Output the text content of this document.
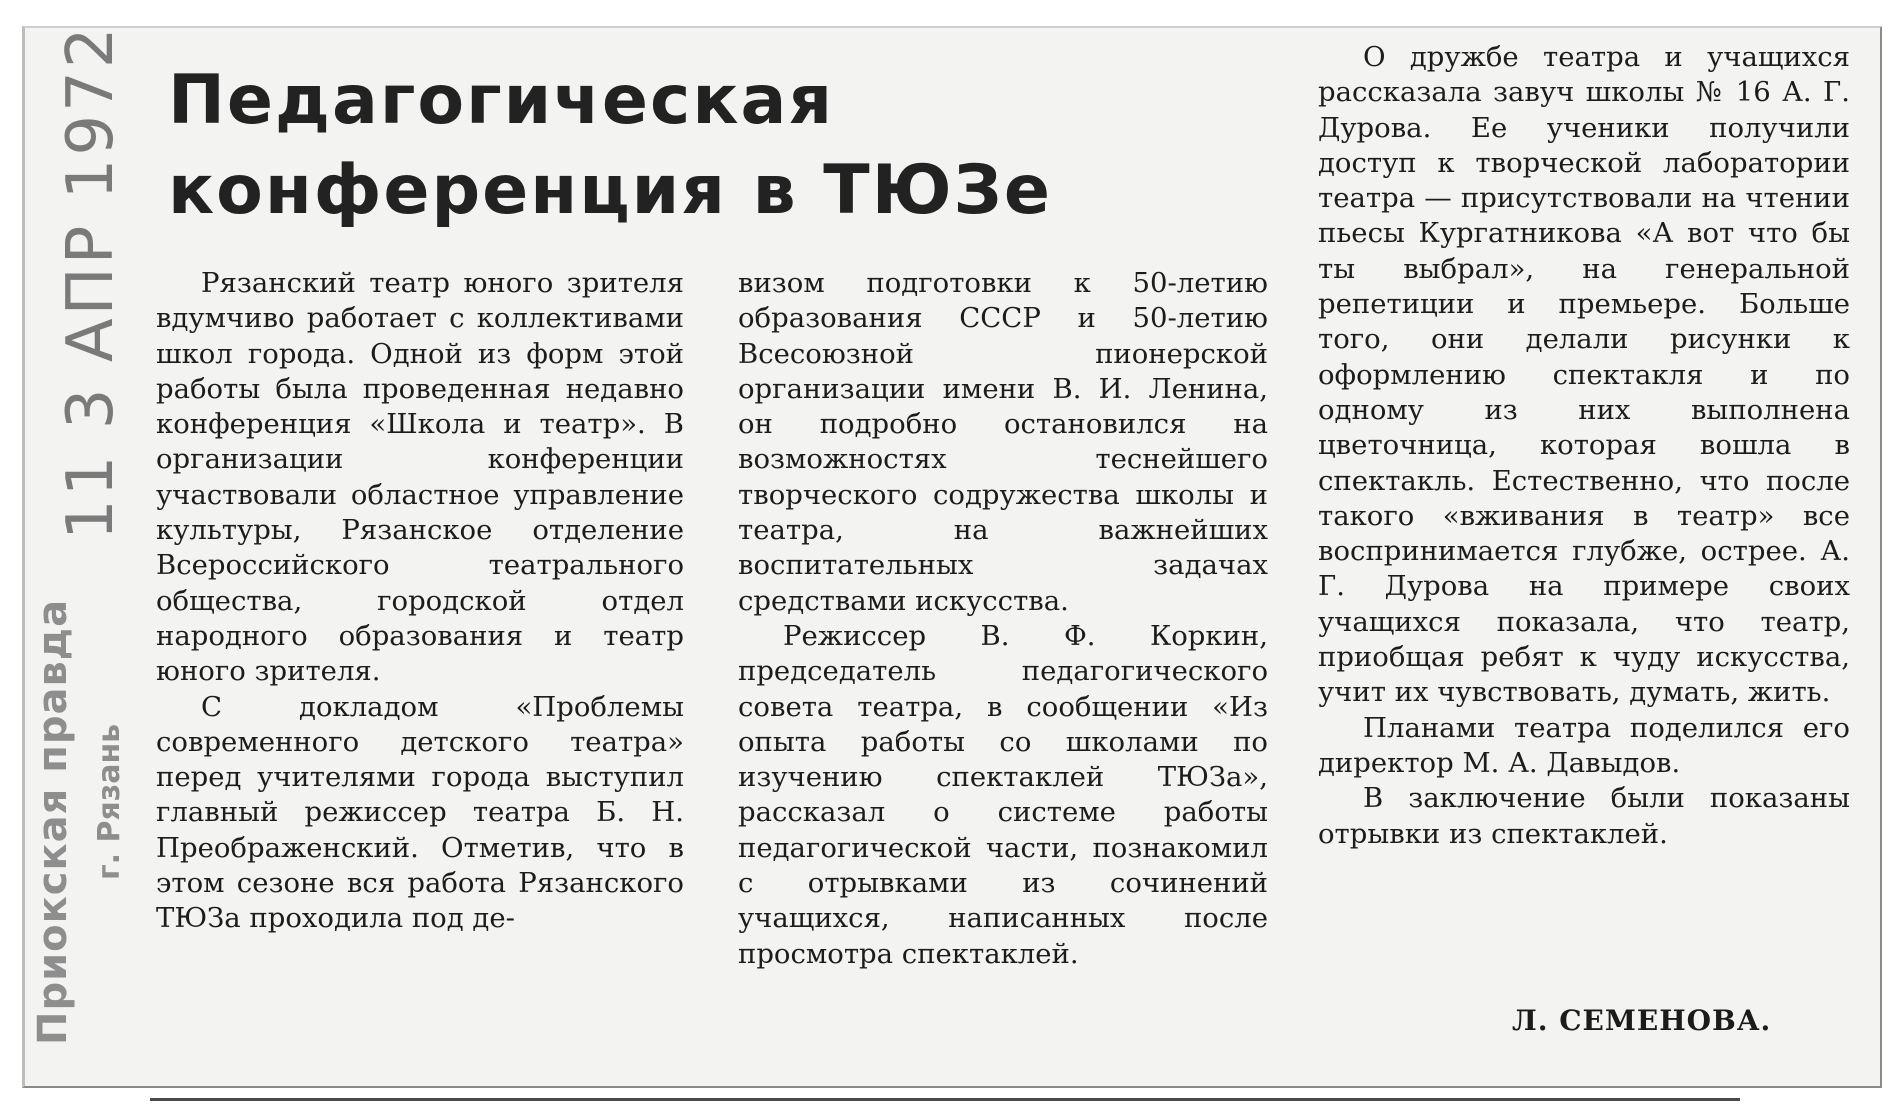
Приокская правда г. Рязань
11 3 АПР 1972 Педагогическая
конференция в ТЮЗе

Рязанский театр юного зрителя вдумчиво работает с коллективами школ города. Одной из форм этой работы была проведенная недавно конференция «Школа и театр». В организации конференции участвовали областное управление культуры, Рязанское отделение Всероссийского театрального общества, городской отдел народного образования и театр юного зрителя.

С докладом «Проблемы современного детского театра» перед учителями города выступил главный режиссер театра Б. Н. Преображенский. Отметив, что в этом сезоне вся работа Рязанского ТЮЗа проходила под де-

визом подготовки к 50-летию образования СССР и 50-летию Всесоюзной пионерской организации имени В. И. Ленина, он подробно остановился на возможностях теснейшего творческого содружества школы и театра, на важнейших воспитательных задачах средствами искусства.

Режиссер В. Ф. Коркин, председатель педагогического совета театра, в сообщении «Из опыта работы со школами по изучению спектаклей ТЮЗа», рассказал о системе работы педагогической части, познакомил с отрывками из сочинений учащихся, написанных после просмотра спектаклей.

О дружбе театра и учащихся рассказала завуч школы № 16 А. Г. Дурова. Ее ученики получили доступ к творческой лаборатории театра — присутствовали на чтении пьесы Кургатникова «А вот что бы ты выбрал», на генеральной репетиции и премьере. Больше того, они делали рисунки к оформлению спектакля и по одному из них выполнена цветочница, которая вошла в спектакль. Естественно, что после такого «вживания в театр» все воспринимается глубже, острее. А. Г. Дурова на примере своих учащихся показала, что театр, приобщая ребят к чуду искусства, учит их чувствовать, думать, жить.

Планами театра поделился его директор М. А. Давыдов.

В заключение были показаны отрывки из спектаклей.

Л. СЕМЕНОВА.
